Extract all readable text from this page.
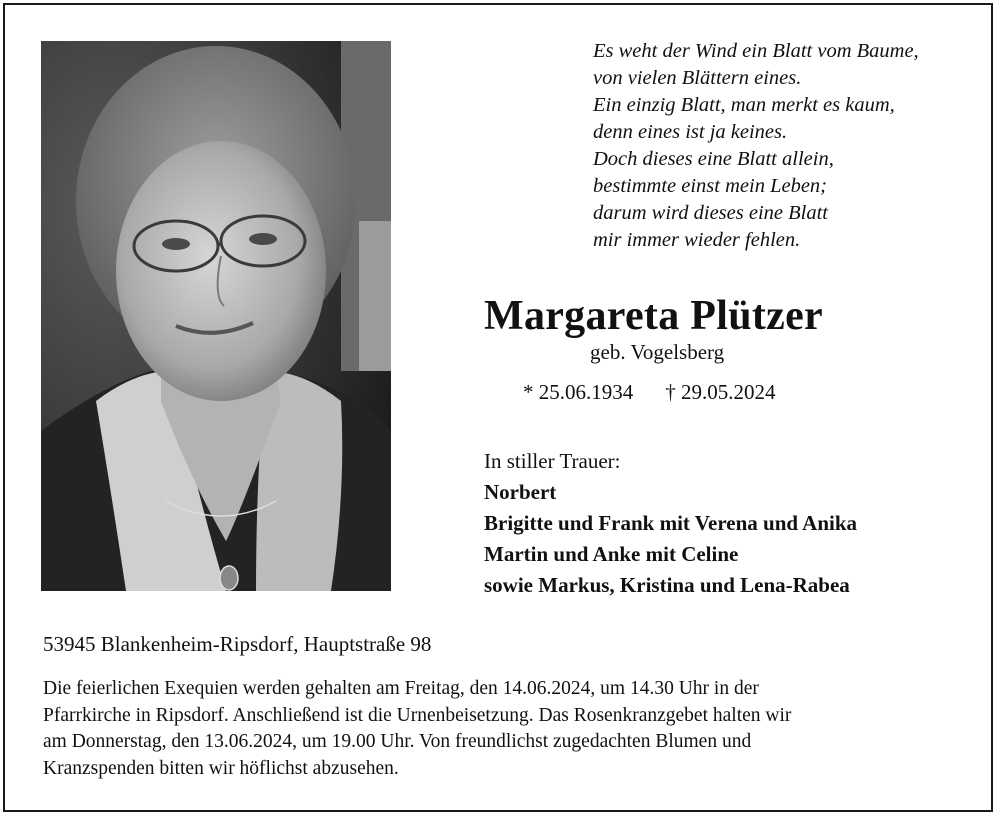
Es weht der Wind ein Blatt vom Baume,
von vielen Blättern eines.
Ein einzig Blatt, man merkt es kaum,
denn eines ist ja keines.
Doch dieses eine Blatt allein,
bestimmte einst mein Leben;
darum wird dieses eine Blatt
mir immer wieder fehlen.
Margareta Plützer
geb. Vogelsberg
* 25.06.1934 † 29.05.2024
In stiller Trauer:
Norbert
Brigitte und Frank mit Verena und Anika
Martin und Anke mit Celine
sowie Markus, Kristina und Lena-Rabea
53945 Blankenheim-Ripsdorf, Hauptstraße 98
Die feierlichen Exequien werden gehalten am Freitag, den 14.06.2024, um 14.30 Uhr in der
Pfarrkirche in Ripsdorf. Anschließend ist die Urnenbeisetzung. Das Rosenkranzgebet halten wir
am Donnerstag, den 13.06.2024, um 19.00 Uhr. Von freundlichst zugedachten Blumen und
Kranzspenden bitten wir höflichst abzusehen.
